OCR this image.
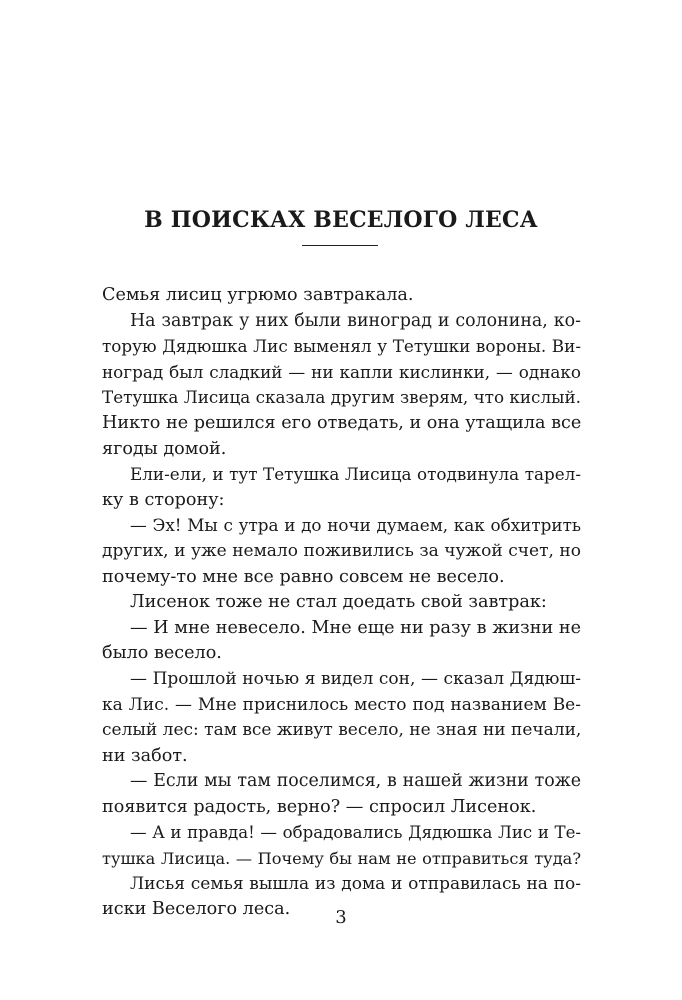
В ПОИСКАХ ВЕСЕЛОГО ЛЕСА
Семья лисиц угрюмо завтракала.
На завтрак у них были виноград и солонина, ко-
торую Дядюшка Лис выменял у Тетушки вороны. Ви-
ноград был сладкий — ни капли кислинки, — однако
Тетушка Лисица сказала другим зверям, что кислый.
Никто не решился его отведать, и она утащила все
ягоды домой.
Ели-ели, и тут Тетушка Лисица отодвинула тарел-
ку в сторону:
— Эх! Мы с утра и до ночи думаем, как обхитрить
других, и уже немало поживились за чужой счет, но
почему-то мне все равно совсем не весело.
Лисенок тоже не стал доедать свой завтрак:
— И мне невесело. Мне еще ни разу в жизни не
было весело.
— Прошлой ночью я видел сон, — сказал Дядюш-
ка Лис. — Мне приснилось место под названием Ве-
селый лес: там все живут весело, не зная ни печали,
ни забот.
— Если мы там поселимся, в нашей жизни тоже
появится радость, верно? — спросил Лисенок.
— А и правда! — обрадовались Дядюшка Лис и Те-
тушка Лисица. — Почему бы нам не отправиться туда?
Лисья семья вышла из дома и отправилась на по-
иски Веселого леса.	3
